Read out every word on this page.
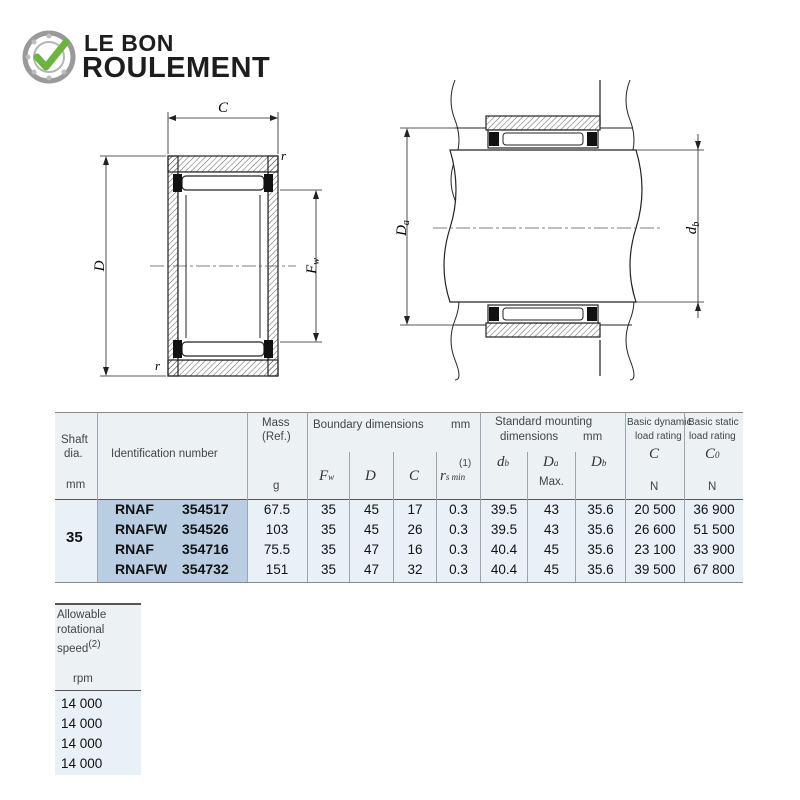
LE BON
ROULEMENT
C
r
r
D	$F_w$
$D_a$
$d_b$
Shaft
dia.
mm
Identification number
Mass
(Ref.)
g
Boundary dimensions mm
Fw D C
(1)
rs min
Standard mounting
dimensions mm
db Da
Max.
Db
Basic dynamic
load rating
C
N
Basic static
load rating
C0
N
35
RNAF 354517	67.5	35	45	17	0.3	39.5	43	35.6	20 500	36 900
RNAFW 354526	103	35	45	26	0.3	39.5	43	35.6	26 600	51 500
RNAF 354716	75.5	35	47	16	0.3	40.4	45	35.6	23 100	33 900
RNAFW 354732	151	35	47	32	0.3	40.4	45	35.6	39 500	67 800
Allowable
rotational
speed(2)
rpm
14 000
14 000
14 000
14 000
